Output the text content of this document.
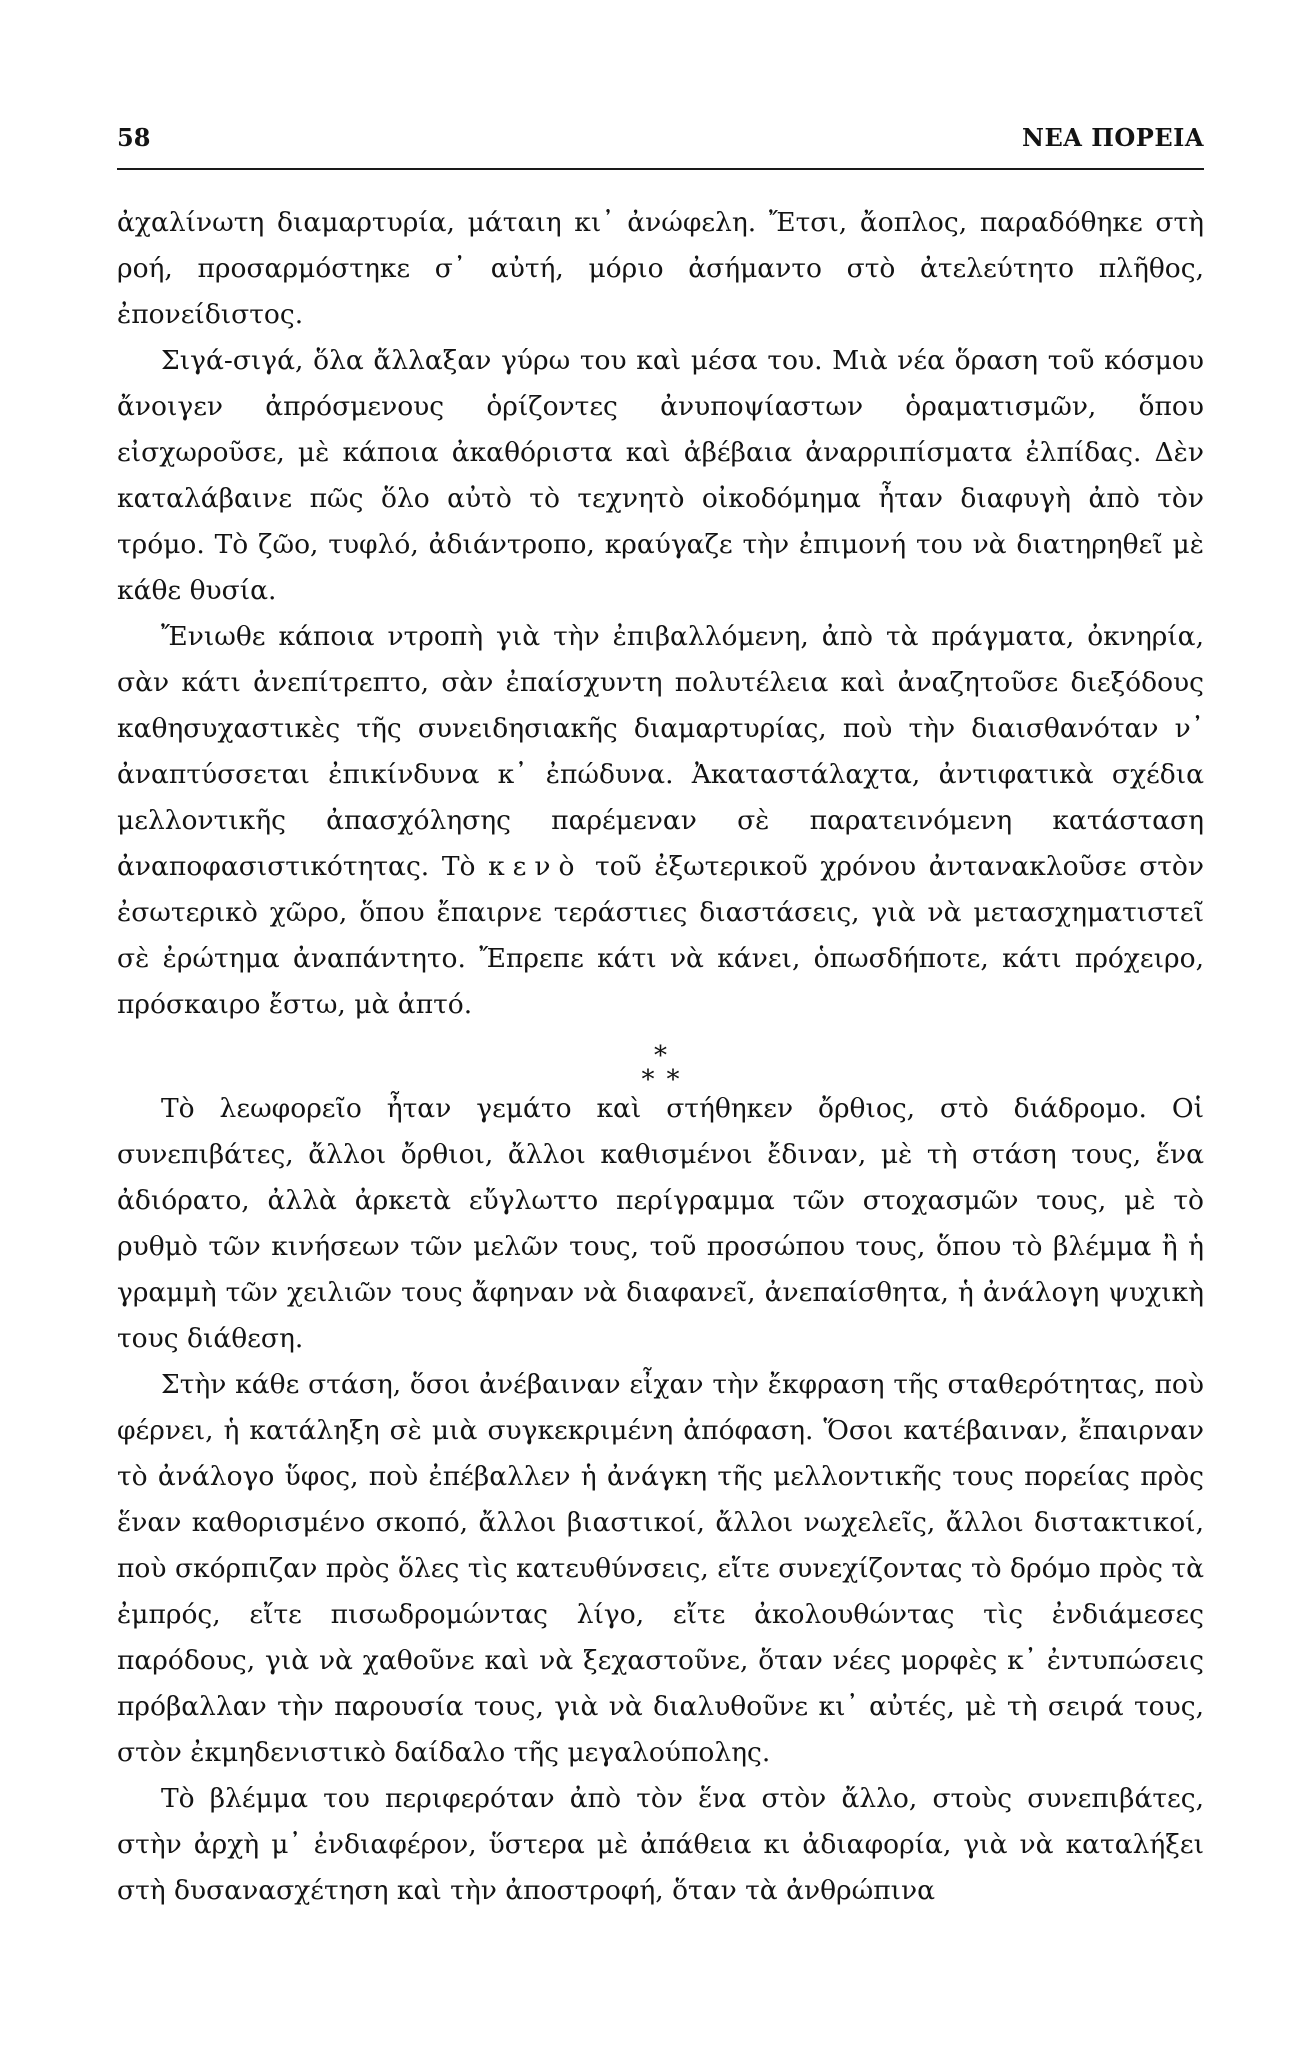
58	ΝΕΑ ΠΟΡΕΙΑ

ἀχαλίνωτη διαμαρτυρία, μάταιη κι᾽ ἀνώφελη. Ἔτσι, ἄοπλος, παραδόθηκε στὴ ροή, προσαρμόστηκε σ᾽ αὐτή, μόριο ἀσήμαντο στὸ ἀτελεύτητο πλῆθος, ἐπονείδιστος.

Σιγά-σιγά, ὅλα ἄλλαξαν γύρω του καὶ μέσα του. Μιὰ νέα ὅραση τοῦ κόσμου ἄνοιγεν ἀπρόσμενους ὁρίζοντες ἀνυποψίαστων ὁραματισμῶν, ὅπου εἰσχωροῦσε, μὲ κάποια ἀκαθόριστα καὶ ἀβέβαια ἀναρριπίσματα ἐλπίδας. Δὲν καταλάβαινε πῶς ὅλο αὐτὸ τὸ τεχνητὸ οἰκοδόμημα ἦταν διαφυγὴ ἀπὸ τὸν τρόμο. Τὸ ζῶο, τυφλό, ἀδιάντροπο, κραύγαζε τὴν ἐπιμονή του νὰ διατηρηθεῖ μὲ κάθε θυσία.

Ἔνιωθε κάποια ντροπὴ γιὰ τὴν ἐπιβαλλόμενη, ἀπὸ τὰ πράγματα, ὀκνηρία, σὰν κάτι ἀνεπίτρεπτο, σὰν ἐπαίσχυντη πολυτέλεια καὶ ἀναζητοῦσε διεξόδους καθησυχαστικὲς τῆς συνειδησιακῆς διαμαρτυρίας, ποὺ τὴν διαισθανόταν ν᾽ ἀναπτύσσεται ἐπικίνδυνα κ᾽ ἐπώδυνα. Ἀκαταστάλαχτα, ἀντιφατικὰ σχέδια μελλοντικῆς ἀπασχόλησης παρέμεναν σὲ παρατεινόμενη κατάσταση ἀναποφασιστικότητας. Τὸ κενὸ τοῦ ἐξωτερικοῦ χρόνου ἀντανακλοῦσε στὸν ἐσωτερικὸ χῶρο, ὅπου ἔπαιρνε τεράστιες διαστάσεις, γιὰ νὰ μετασχηματιστεῖ σὲ ἐρώτημα ἀναπάντητο. Ἔπρεπε κάτι νὰ κάνει, ὁπωσδήποτε, κάτι πρόχειρο, πρόσκαιρο ἔστω, μὰ ἀπτό.

*
**

Τὸ λεωφορεῖο ἦταν γεμάτο καὶ στήθηκεν ὄρθιος, στὸ διάδρομο. Οἱ συνεπιβάτες, ἄλλοι ὄρθιοι, ἄλλοι καθισμένοι ἔδιναν, μὲ τὴ στάση τους, ἕνα ἀδιόρατο, ἀλλὰ ἀρκετὰ εὔγλωττο περίγραμμα τῶν στοχασμῶν τους, μὲ τὸ ρυθμὸ τῶν κινήσεων τῶν μελῶν τους, τοῦ προσώπου τους, ὅπου τὸ βλέμμα ἢ ἡ γραμμὴ τῶν χειλιῶν τους ἄφηναν νὰ διαφανεῖ, ἀνεπαίσθητα, ἡ ἀνάλογη ψυχικὴ τους διάθεση.

Στὴν κάθε στάση, ὅσοι ἀνέβαιναν εἶχαν τὴν ἔκφραση τῆς σταθερότητας, ποὺ φέρνει, ἡ κατάληξη σὲ μιὰ συγκεκριμένη ἀπόφαση. Ὅσοι κατέβαιναν, ἔπαιρναν τὸ ἀνάλογο ὕφος, ποὺ ἐπέβαλλεν ἡ ἀνάγκη τῆς μελλοντικῆς τους πορείας πρὸς ἕναν καθορισμένο σκοπό, ἄλλοι βιαστικοί, ἄλλοι νωχελεῖς, ἄλλοι διστακτικοί, ποὺ σκόρπιζαν πρὸς ὅλες τὶς κατευθύνσεις, εἴτε συνεχίζοντας τὸ δρόμο πρὸς τὰ ἐμπρός, εἴτε πισωδρομώντας λίγο, εἴτε ἀκολουθώντας τὶς ἐνδιάμεσες παρόδους, γιὰ νὰ χαθοῦνε καὶ νὰ ξεχαστοῦνε, ὅταν νέες μορφὲς κ᾽ ἐντυπώσεις πρόβαλλαν τὴν παρουσία τους, γιὰ νὰ διαλυθοῦνε κι᾽ αὐτές, μὲ τὴ σειρά τους, στὸν ἐκμηδενιστικὸ δαίδαλο τῆς μεγαλούπολης.

Τὸ βλέμμα του περιφερόταν ἀπὸ τὸν ἕνα στὸν ἄλλο, στοὺς συνεπιβάτες, στὴν ἀρχὴ μ᾽ ἐνδιαφέρον, ὕστερα μὲ ἀπάθεια κι ἀδιαφορία, γιὰ νὰ καταλήξει στὴ δυσανασχέτηση καὶ τὴν ἀποστροφή, ὅταν τὰ ἀνθρώπινα
